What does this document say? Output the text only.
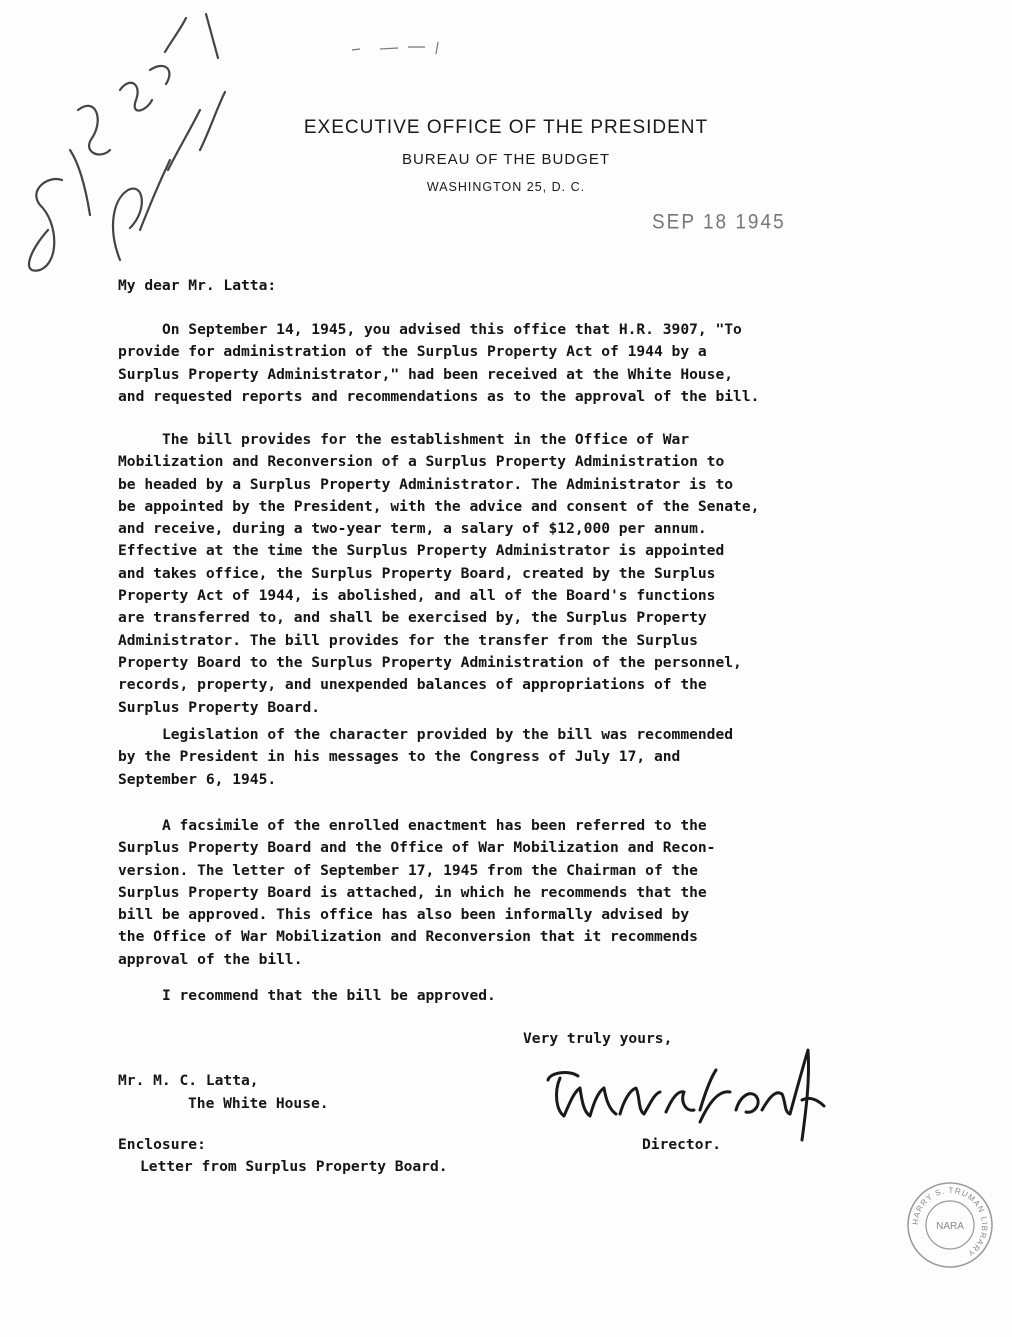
EXECUTIVE OFFICE OF THE PRESIDENT
BUREAU OF THE BUDGET
WASHINGTON 25, D. C.
SEP 18 1945
My dear Mr. Latta:
On September 14, 1945, you advised this office that H.R. 3907, "To
provide for administration of the Surplus Property Act of 1944 by a
Surplus Property Administrator," had been received at the White House,
and requested reports and recommendations as to the approval of the bill.
The bill provides for the establishment in the Office of War
Mobilization and Reconversion of a Surplus Property Administration to
be headed by a Surplus Property Administrator. The Administrator is to
be appointed by the President, with the advice and consent of the Senate,
and receive, during a two-year term, a salary of $12,000 per annum.
Effective at the time the Surplus Property Administrator is appointed
and takes office, the Surplus Property Board, created by the Surplus
Property Act of 1944, is abolished, and all of the Board's functions
are transferred to, and shall be exercised by, the Surplus Property
Administrator. The bill provides for the transfer from the Surplus
Property Board to the Surplus Property Administration of the personnel,
records, property, and unexpended balances of appropriations of the
Surplus Property Board.
Legislation of the character provided by the bill was recommended
by the President in his messages to the Congress of July 17, and
September 6, 1945.
A facsimile of the enrolled enactment has been referred to the
Surplus Property Board and the Office of War Mobilization and Recon-
version. The letter of September 17, 1945 from the Chairman of the
Surplus Property Board is attached, in which he recommends that the
bill be approved. This office has also been informally advised by
the Office of War Mobilization and Reconversion that it recommends
approval of the bill.
I recommend that the bill be approved.
Very truly yours,
Mr. M. C. Latta,
The White House.
Director.
Enclosure:
Letter from Surplus Property Board.
HARRY S. TRUMAN LIBRARY
NARA
